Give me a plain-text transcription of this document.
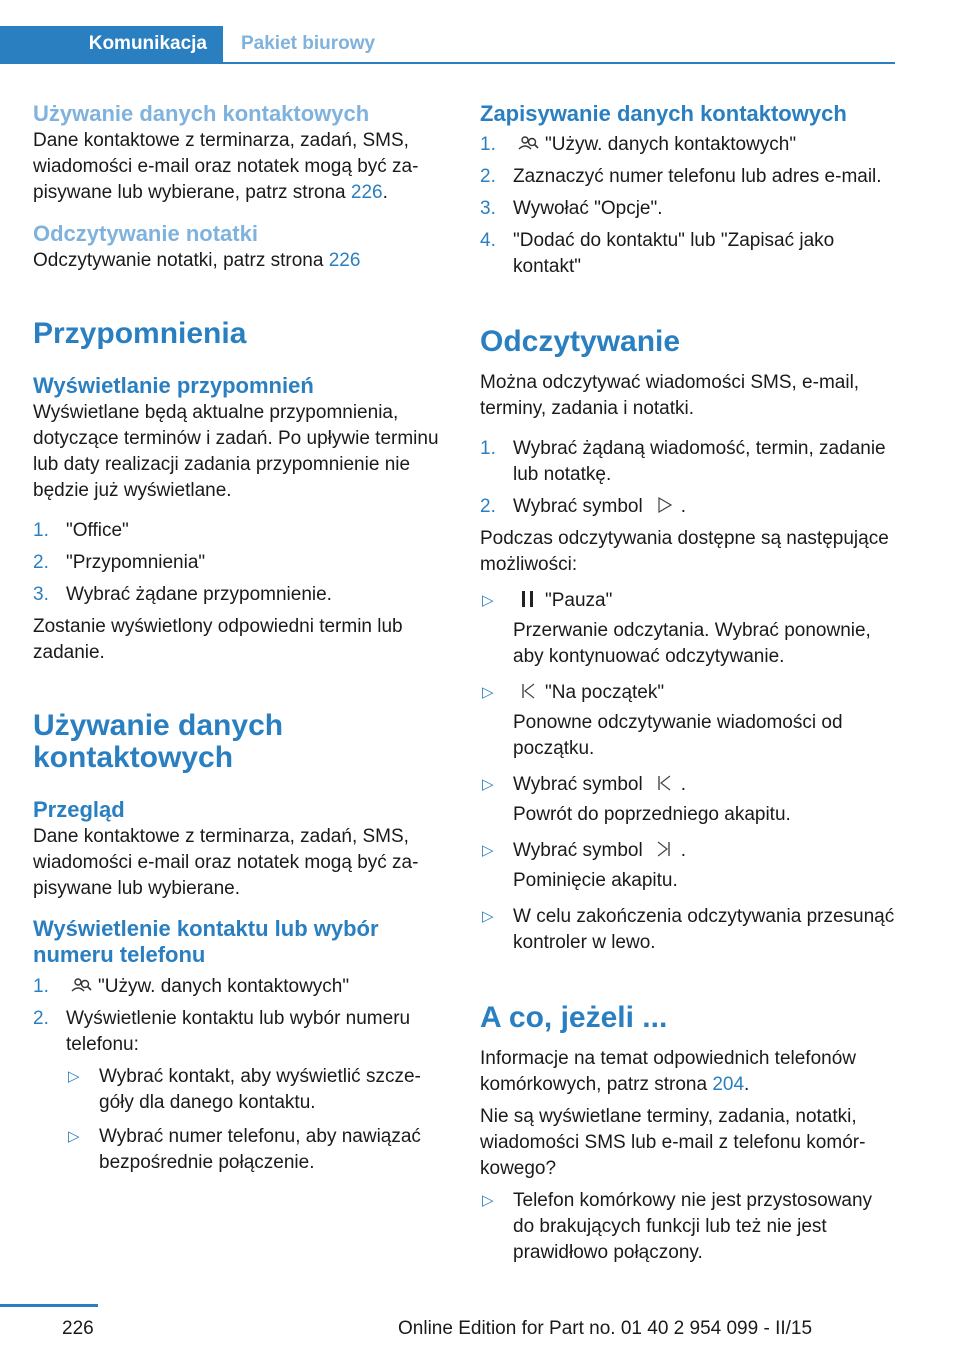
Komunikacja	Pakiet biurowy
Używanie danych kontaktowych

Dane kontaktowe z terminarza, zadań, SMS, wiadomości e-mail oraz notatek mogą być zapisywane lub wybierane, patrz strona 226.

Odczytywanie notatki

Odczytywanie notatki, patrz strona 226

Przypomnienia
Wyświetlanie przypomnień

Wyświetlane będą aktualne przypomnienia, dotyczące terminów i zadań. Po upływie terminu lub daty realizacji zadania przypomnienie nie będzie już wyświetlane.

1. "Office"
2. "Przypomnienia"
3. Wybrać żądane przypomnienie.

Zostanie wyświetlony odpowiedni termin lub zadanie.

Używanie danych kontaktowych
Przegląd

Dane kontaktowe z terminarza, zadań, SMS, wiadomości e-mail oraz notatek mogą być zapisywane lub wybierane.

Wyświetlenie kontaktu lub wybór numeru telefonu
1.	"Używ. danych kontaktowych"
2. Wyświetlenie kontaktu lub wybór numeru telefonu:
▷ Wybrać kontakt, aby wyświetlić szczegóły dla danego kontaktu.
▷ Wybrać numer telefonu, aby nawiązać bezpośrednie połączenie.
Zapisywanie danych kontaktowych
1.	"Używ. danych kontaktowych"
2. Zaznaczyć numer telefonu lub adres e-mail.
3. Wywołać "Opcje".
4. "Dodać do kontaktu" lub "Zapisać jako kontakt"
Odczytywanie

Można odczytywać wiadomości SMS, e-mail, terminy, zadania i notatki.

1. Wybrać żądaną wiadomość, termin, zadanie lub notatkę.
2. Wybrać symbol .

Podczas odczytywania dostępne są następujące możliwości:

▷	"Pauza"

Przerwanie odczytania. Wybrać ponownie, aby kontynuować odczytywanie.
▷	"Na początek"

Ponowne odczytywanie wiadomości od początku.
▷ Wybrać symbol .

Powrót do poprzedniego akapitu.
▷ Wybrać symbol .

Pominięcie akapitu.
▷ W celu zakończenia odczytywania przesunąć kontroler w lewo.
A co, jeżeli ...

Informacje na temat odpowiednich telefonów komórkowych, patrz strona 204.

Nie są wyświetlane terminy, zadania, notatki, wiadomości SMS lub e-mail z telefonu komórkowego?

▷ Telefon komórkowy nie jest przystosowany do brakujących funkcji lub też nie jest prawidłowo połączony.
226	Online Edition for Part no. 01 40 2 954 099 - II/15
